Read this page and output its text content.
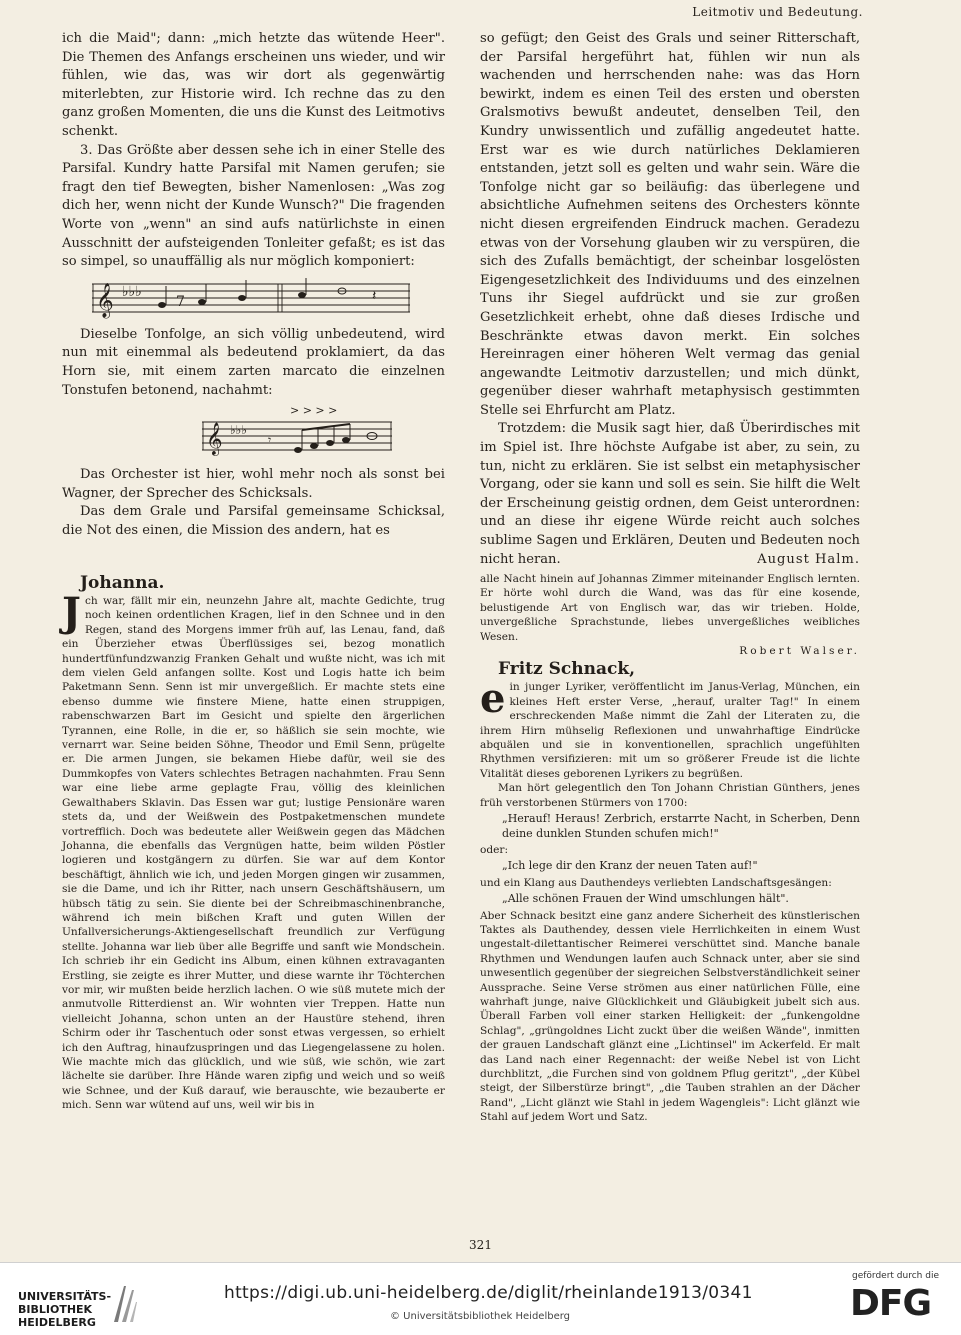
Leitmotiv und Bedeutung.

ich die Maid"; dann: „mich hetzte das wütende Heer". Die Themen des Anfangs erscheinen uns wieder, und wir fühlen, wie das, was wir dort als gegenwärtig miterlebten, zur Historie wird. Ich rechne das zu den ganz großen Momenten, die uns die Kunst des Leitmotivs schenkt.

3. Das Größte aber dessen sehe ich in einer Stelle des Parsifal. Kundry hatte Parsifal mit Namen gerufen; sie fragt den tief Bewegten, bisher Namenlosen: „Was zog dich her, wenn nicht der Kunde Wunsch?" Die fragenden Worte von „wenn" an sind aufs natürlichste in einen Ausschnitt der aufsteigenden Tonleiter gefaßt; es ist das so simpel, so unauffällig als nur möglich komponiert:

𝄞 ♭♭♭
7	𝄽

Dieselbe Tonfolge, an sich völlig unbedeutend, wird nun mit einemmal als bedeutend proklamiert, da das Horn sie, mit einem zarten marcato die einzelnen Tonstufen betonend, nachahmt:

> > > >
𝄞 ♭♭♭
𝄾

Das Orchester ist hier, wohl mehr noch als sonst bei Wagner, der Sprecher des Schicksals.

Das dem Grale und Parsifal gemeinsame Schicksal, die Not des einen, die Mission des andern, hat es

so gefügt; den Geist des Grals und seiner Ritterschaft, der Parsifal hergeführt hat, fühlen wir nun als wachenden und herrschenden nahe: was das Horn bewirkt, indem es einen Teil des ersten und obersten Gralsmotivs bewußt andeutet, denselben Teil, den Kundry unwissentlich und zufällig angedeutet hatte. Erst war es wie durch natürliches Deklamieren entstanden, jetzt soll es gelten und wahr sein. Wäre die Tonfolge nicht gar so beiläufig: das überlegene und absichtliche Aufnehmen seitens des Orchesters könnte nicht diesen ergreifenden Eindruck machen. Geradezu etwas von der Vorsehung glauben wir zu verspüren, die sich des Zufalls bemächtigt, der scheinbar losgelösten Eigengesetzlichkeit des Individuums und des einzelnen Tuns ihr Siegel aufdrückt und sie zur großen Gesetzlichkeit erhebt, ohne daß dieses Irdische und Beschränkte etwas davon merkt. Ein solches Hereinragen einer höheren Welt vermag das genial angewandte Leitmotiv darzustellen; und mich dünkt, gegenüber dieser wahrhaft metaphysisch gestimmten Stelle sei Ehrfurcht am Platz.

Trotzdem: die Musik sagt hier, daß Überirdisches mit im Spiel ist. Ihre höchste Aufgabe ist aber, zu sein, zu tun, nicht zu erklären. Sie ist selbst ein metaphysischer Vorgang, oder sie kann und soll es sein. Sie hilft die Welt der Erscheinung geistig ordnen, dem Geist unterordnen: und an diese ihr eigene Würde reicht auch solches sublime Sagen und Erklären, Deuten und Bedeuten noch nicht heran.	August Halm.

Johanna.

J ch war, fällt mir ein, neunzehn Jahre alt, machte Gedichte, trug noch keinen ordentlichen Kragen, lief in den Schnee und in den Regen, stand des Morgens immer früh auf, las Lenau, fand, daß ein Überzieher etwas Überflüssiges sei, bezog monatlich hundertfünfundzwanzig Franken Gehalt und wußte nicht, was ich mit dem vielen Geld anfangen sollte. Kost und Logis hatte ich beim Paketmann Senn. Senn ist mir unvergeßlich. Er machte stets eine ebenso dumme wie finstere Miene, hatte einen struppigen, rabenschwarzen Bart im Gesicht und spielte den ärgerlichen Tyrannen, eine Rolle, in die er, so häßlich sie sein mochte, wie vernarrt war. Seine beiden Söhne, Theodor und Emil Senn, prügelte er. Die armen Jungen, sie bekamen Hiebe dafür, weil sie des Dummkopfes von Vaters schlechtes Betragen nachahmten. Frau Senn war eine liebe arme geplagte Frau, völlig des kleinlichen Gewalthabers Sklavin. Das Essen war gut; lustige Pensionäre waren stets da, und der Weißwein des Postpaketmenschen mundete vortrefflich. Doch was bedeutete aller Weißwein gegen das Mädchen Johanna, die ebenfalls das Vergnügen hatte, beim wilden Pöstler logieren und kostgängern zu dürfen. Sie war auf dem Kontor beschäftigt, ähnlich wie ich, und jeden Morgen gingen wir zusammen, sie die Dame, und ich ihr Ritter, nach unsern Geschäftshäusern, um hübsch tätig zu sein. Sie diente bei der Schreibmaschinenbranche, während ich mein bißchen Kraft und guten Willen der Unfallversicherungs-Aktiengesellschaft freundlich zur Verfügung stellte. Johanna war lieb über alle Begriffe und sanft wie Mondschein. Ich schrieb ihr ein Gedicht ins Album, einen kühnen extravaganten Erstling, sie zeigte es ihrer Mutter, und diese warnte ihr Töchterchen vor mir, wir mußten beide herzlich lachen. O wie süß mutete mich der anmutvolle Ritterdienst an. Wir wohnten vier Treppen. Hatte nun vielleicht Johanna, schon unten an der Haustüre stehend, ihren Schirm oder ihr Taschentuch oder sonst etwas vergessen, so erhielt ich den Auftrag, hinaufzuspringen und das Liegengelassene zu holen. Wie machte mich das glücklich, und wie süß, wie schön, wie zart lächelte sie darüber. Ihre Hände waren zipfig und weich und so weiß wie Schnee, und der Kuß darauf, wie berauschte, wie bezauberte er mich. Senn war wütend auf uns, weil wir bis in

alle Nacht hinein auf Johannas Zimmer miteinander Englisch lernten. Er hörte wohl durch die Wand, was das für eine kosende, belustigende Art von Englisch war, das wir trieben. Holde, unvergeßliche Sprachstunde, liebes unvergeßliches weibliches Wesen.

Robert Walser.

Fritz Schnack,

e in junger Lyriker, veröffentlicht im Janus-Verlag, München, ein kleines Heft erster Verse, „herauf, uralter Tag!" In einem erschreckenden Maße nimmt die Zahl der Literaten zu, die ihrem Hirn mühselig Reflexionen und unwahrhaftige Eindrücke abquälen und sie in konventionellen, sprachlich ungefühlten Rhythmen versifizieren: mit um so größerer Freude ist die lichte Vitalität dieses geborenen Lyrikers zu begrüßen.

Man hört gelegentlich den Ton Johann Christian Günthers, jenes früh verstorbenen Stürmers von 1700:

„Herauf! Heraus! Zerbrich, erstarrte Nacht, in Scherben, Denn deine dunklen Stunden schufen mich!"

oder:

„Ich lege dir den Kranz der neuen Taten auf!"

und ein Klang aus Dauthendeys verliebten Landschaftsgesängen:

„Alle schönen Frauen der Wind umschlungen hält".

Aber Schnack besitzt eine ganz andere Sicherheit des künstlerischen Taktes als Dauthendey, dessen viele Herrlichkeiten in einem Wust ungestalt-dilettantischer Reimerei verschüttet sind. Manche banale Rhythmen und Wendungen laufen auch Schnack unter, aber sie sind unwesentlich gegenüber der siegreichen Selbstverständlichkeit seiner Aussprache. Seine Verse strömen aus einer natürlichen Fülle, eine wahrhaft junge, naive Glücklichkeit und Gläubigkeit jubelt sich aus. Überall Farben voll einer starken Helligkeit: der „funkengoldne Schlag", „grüngoldnes Licht zuckt über die weißen Wände", inmitten der grauen Landschaft glänzt eine „Lichtinsel" im Ackerfeld. Er malt das Land nach einer Regennacht: der weiße Nebel ist von Licht durchblitzt, „die Furchen sind von goldnem Pflug geritzt", „der Kübel steigt, der Silberstürze bringt", „die Tauben strahlen an der Dächer Rand", „Licht glänzt wie Stahl in jedem Wagengleis": Licht glänzt wie Stahl auf jedem Wort und Satz.

321
UNIVERSITÄTS-
BIBLIOTHEK
HEIDELBERG
https://digi.ub.uni-heidelberg.de/diglit/rheinlande1913/0341
© Universitätsbibliothek Heidelberg
gefördert durch die
DFG
